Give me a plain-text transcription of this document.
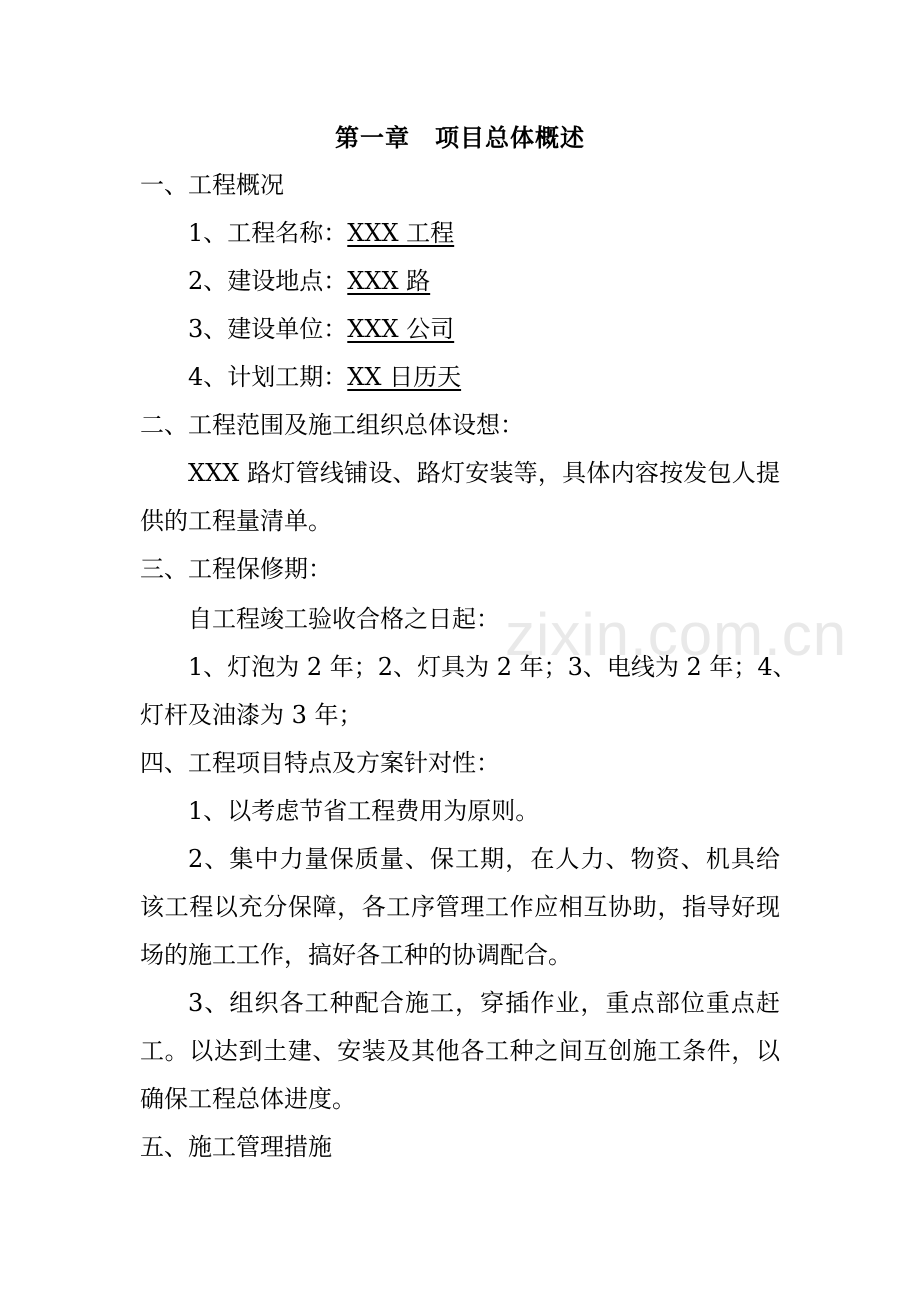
zixin.com.cn
第一章　项目总体概述
一、工程概况
1、工程名称：XXX 工程
2、建设地点：XXX 路
3、建设单位：XXX 公司
4、计划工期：XX 日历天
二、工程范围及施工组织总体设想：
XXX 路灯管线铺设、路灯安装等，具体内容按发包人提
供的工程量清单。
三、工程保修期：
自工程竣工验收合格之日起：
1、灯泡为 2 年；2、灯具为 2 年；3、电线为 2 年；4、
灯杆及油漆为 3 年；
四、工程项目特点及方案针对性：
1、以考虑节省工程费用为原则。
2、集中力量保质量、保工期，在人力、物资、机具给
该工程以充分保障，各工序管理工作应相互协助，指导好现
场的施工工作，搞好各工种的协调配合。
3、组织各工种配合施工，穿插作业，重点部位重点赶
工。以达到土建、安装及其他各工种之间互创施工条件，以
确保工程总体进度。
五、施工管理措施
